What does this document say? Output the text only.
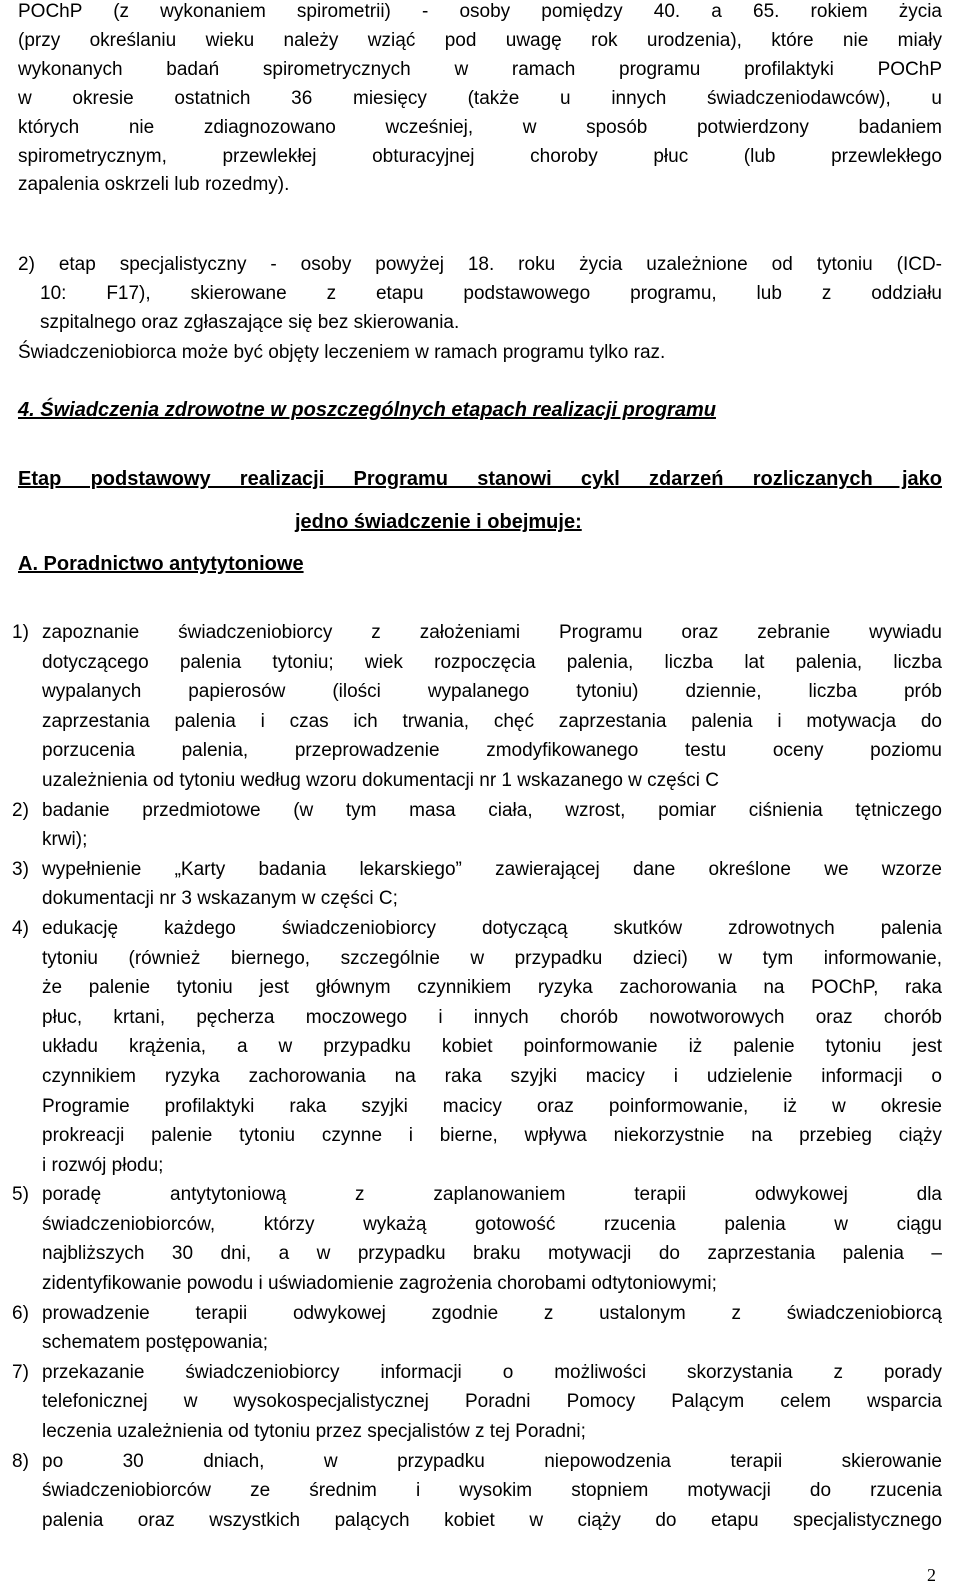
POChP (z wykonaniem spirometrii) - osoby pomiędzy 40. a 65. rokiem życia

(przy określaniu wieku należy wziąć pod uwagę rok urodzenia), które nie miały

wykonanych badań spirometrycznych w ramach programu profilaktyki POChP

w okresie ostatnich 36 miesięcy (także u innych świadczeniodawców), u

których nie zdiagnozowano wcześniej, w sposób potwierdzony badaniem

spirometrycznym, przewlekłej obturacyjnej choroby płuc (lub przewlekłego

zapalenia oskrzeli lub rozedmy).

2) etap specjalistyczny - osoby powyżej 18. roku życia uzależnione od tytoniu (ICD-

10: F17), skierowane z etapu podstawowego programu, lub z oddziału

szpitalnego oraz zgłaszające się bez skierowania.

Świadczeniobiorca może być objęty leczeniem w ramach programu tylko raz.

4. Świadczenia zdrowotne w poszczególnych etapach realizacji programu

Etap podstawowy realizacji Programu stanowi cykl zdarzeń rozliczanych jako

jedno świadczenie i obejmuje:

A. Poradnictwo antytytoniowe

1) zapoznanie świadczeniobiorcy z założeniami Programu oraz zebranie wywiadu

dotyczącego palenia tytoniu; wiek rozpoczęcia palenia, liczba lat palenia, liczba

wypalanych papierosów (ilości wypalanego tytoniu) dziennie, liczba prób

zaprzestania palenia i czas ich trwania, chęć zaprzestania palenia i motywacja do

porzucenia palenia, przeprowadzenie zmodyfikowanego testu oceny poziomu

uzależnienia od tytoniu według wzoru dokumentacji nr 1 wskazanego w części C

2) badanie przedmiotowe (w tym masa ciała, wzrost, pomiar ciśnienia tętniczego

krwi);

3) wypełnienie „Karty badania lekarskiego” zawierającej dane określone we wzorze

dokumentacji nr 3 wskazanym w części C;

4) edukację każdego świadczeniobiorcy dotyczącą skutków zdrowotnych palenia

tytoniu (również biernego, szczególnie w przypadku dzieci) w tym informowanie,

że palenie tytoniu jest głównym czynnikiem ryzyka zachorowania na POChP, raka

płuc, krtani, pęcherza moczowego i innych chorób nowotworowych oraz chorób

układu krążenia, a w przypadku kobiet poinformowanie iż palenie tytoniu jest

czynnikiem ryzyka zachorowania na raka szyjki macicy i udzielenie informacji o

Programie profilaktyki raka szyjki macicy oraz poinformowanie, iż w okresie

prokreacji palenie tytoniu czynne i bierne, wpływa niekorzystnie na przebieg ciąży

i rozwój płodu;

5) poradę antytytoniową z zaplanowaniem terapii odwykowej dla

świadczeniobiorców, którzy wykażą gotowość rzucenia palenia w ciągu

najbliższych 30 dni, a w przypadku braku motywacji do zaprzestania palenia –

zidentyfikowanie powodu i uświadomienie zagrożenia chorobami odtytoniowymi;

6) prowadzenie terapii odwykowej zgodnie z ustalonym z świadczeniobiorcą

schematem postępowania;

7) przekazanie świadczeniobiorcy informacji o możliwości skorzystania z porady

telefonicznej w wysokospecjalistycznej Poradni Pomocy Palącym celem wsparcia

leczenia uzależnienia od tytoniu przez specjalistów z tej Poradni;

8) po 30 dniach, w przypadku niepowodzenia terapii skierowanie

świadczeniobiorców ze średnim i wysokim stopniem motywacji do rzucenia

palenia oraz wszystkich palących kobiet w ciąży do etapu specjalistycznego

2
